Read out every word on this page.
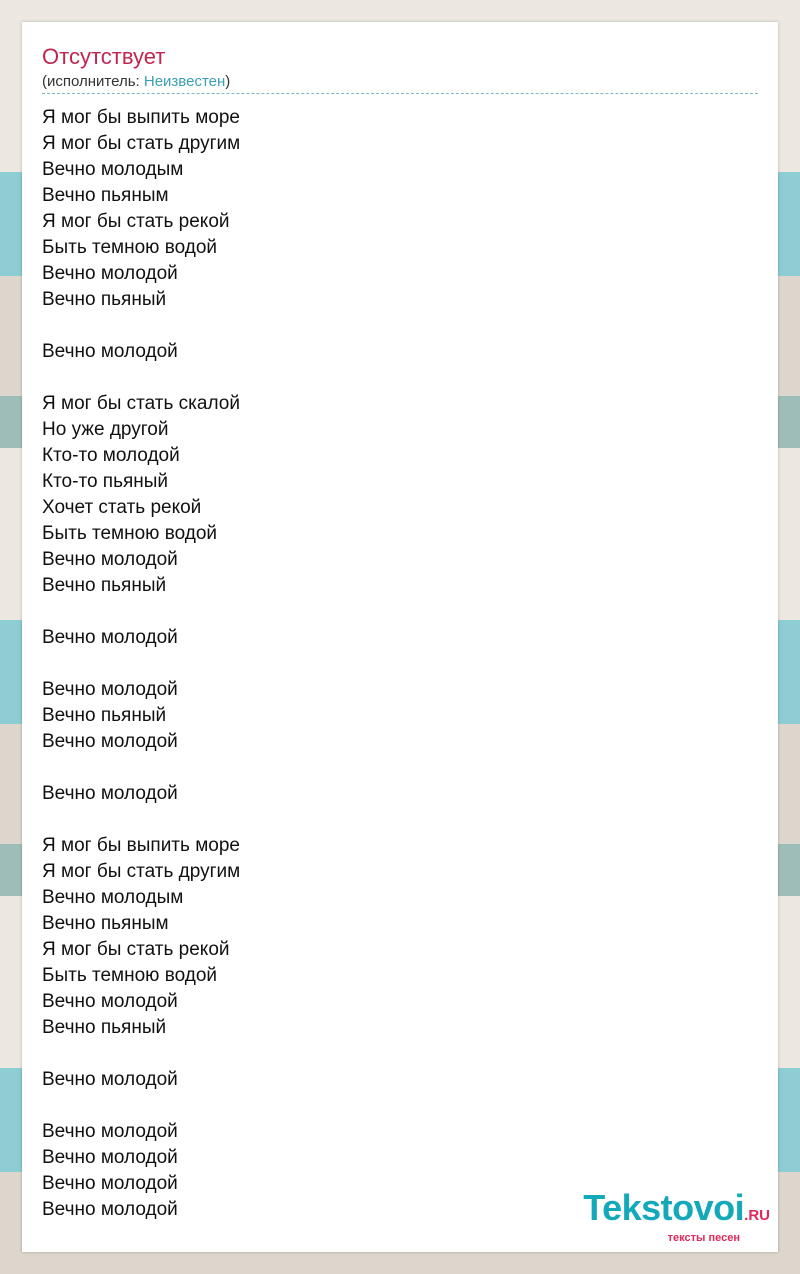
Отсутствует
(исполнитель: Неизвестен)
Я мог бы выпить море
Я мог бы стать другим
Вечно молодым
Вечно пьяным
Я мог бы стать рекой
Быть темною водой
Вечно молодой
Вечно пьяный
Вечно молодой
Я мог бы стать скалой
Но уже другой
Кто-то молодой
Кто-то пьяный
Хочет стать рекой
Быть темною водой
Вечно молодой
Вечно пьяный
Вечно молодой
Вечно молодой
Вечно пьяный
Вечно молодой
Вечно молодой
Я мог бы выпить море
Я мог бы стать другим
Вечно молодым
Вечно пьяным
Я мог бы стать рекой
Быть темною водой
Вечно молодой
Вечно пьяный
Вечно молодой
Вечно молодой
Вечно молодой
Вечно молодой
Вечно молодой	Tekstovoi.RU
тексты песен
